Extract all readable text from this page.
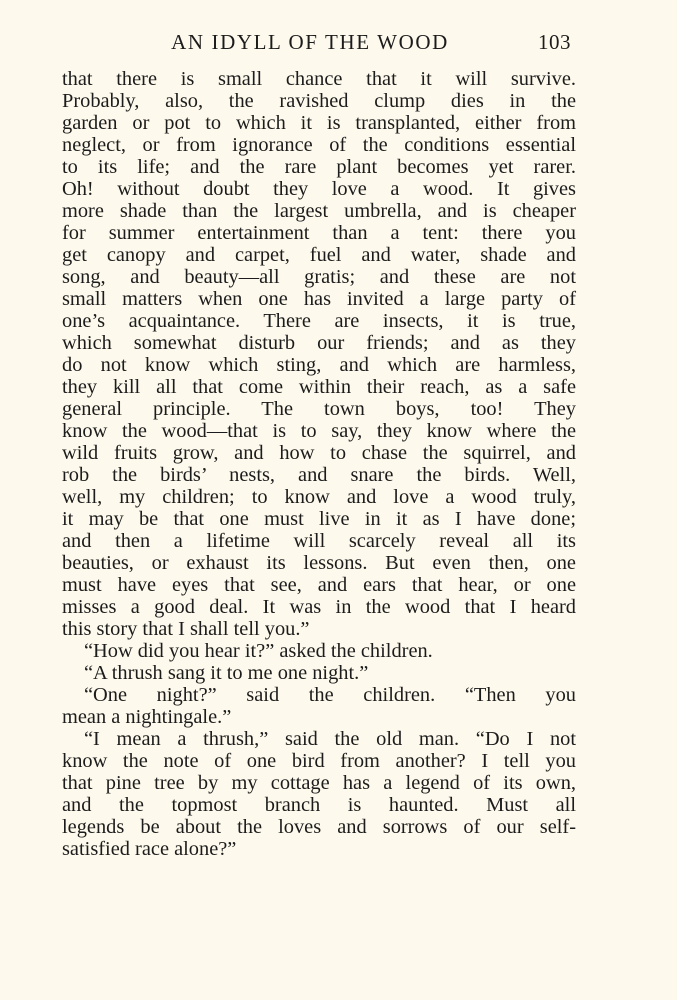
AN IDYLL OF THE WOOD	103
that there is small chance that it will survive.
Probably, also, the ravished clump dies in the
garden or pot to which it is transplanted, either from
neglect, or from ignorance of the conditions essential
to its life; and the rare plant becomes yet rarer.
Oh! without doubt they love a wood. It gives
more shade than the largest umbrella, and is cheaper
for summer entertainment than a tent: there you
get canopy and carpet, fuel and water, shade and
song, and beauty—all gratis; and these are not
small matters when one has invited a large party of
one’s acquaintance. There are insects, it is true,
which somewhat disturb our friends; and as they
do not know which sting, and which are harmless,
they kill all that come within their reach, as a safe
general principle. The town boys, too! They
know the wood—that is to say, they know where the
wild fruits grow, and how to chase the squirrel, and
rob the birds’ nests, and snare the birds. Well,
well, my children; to know and love a wood truly,
it may be that one must live in it as I have done;
and then a lifetime will scarcely reveal all its
beauties, or exhaust its lessons. But even then, one
must have eyes that see, and ears that hear, or one
misses a good deal. It was in the wood that I heard
this story that I shall tell you.”
“How did you hear it?” asked the children.
“A thrush sang it to me one night.”
“One night?” said the children. “Then you
mean a nightingale.”
“I mean a thrush,” said the old man. “Do I not
know the note of one bird from another? I tell you
that pine tree by my cottage has a legend of its own,
and the topmost branch is haunted. Must all
legends be about the loves and sorrows of our self-
satisfied race alone?”
